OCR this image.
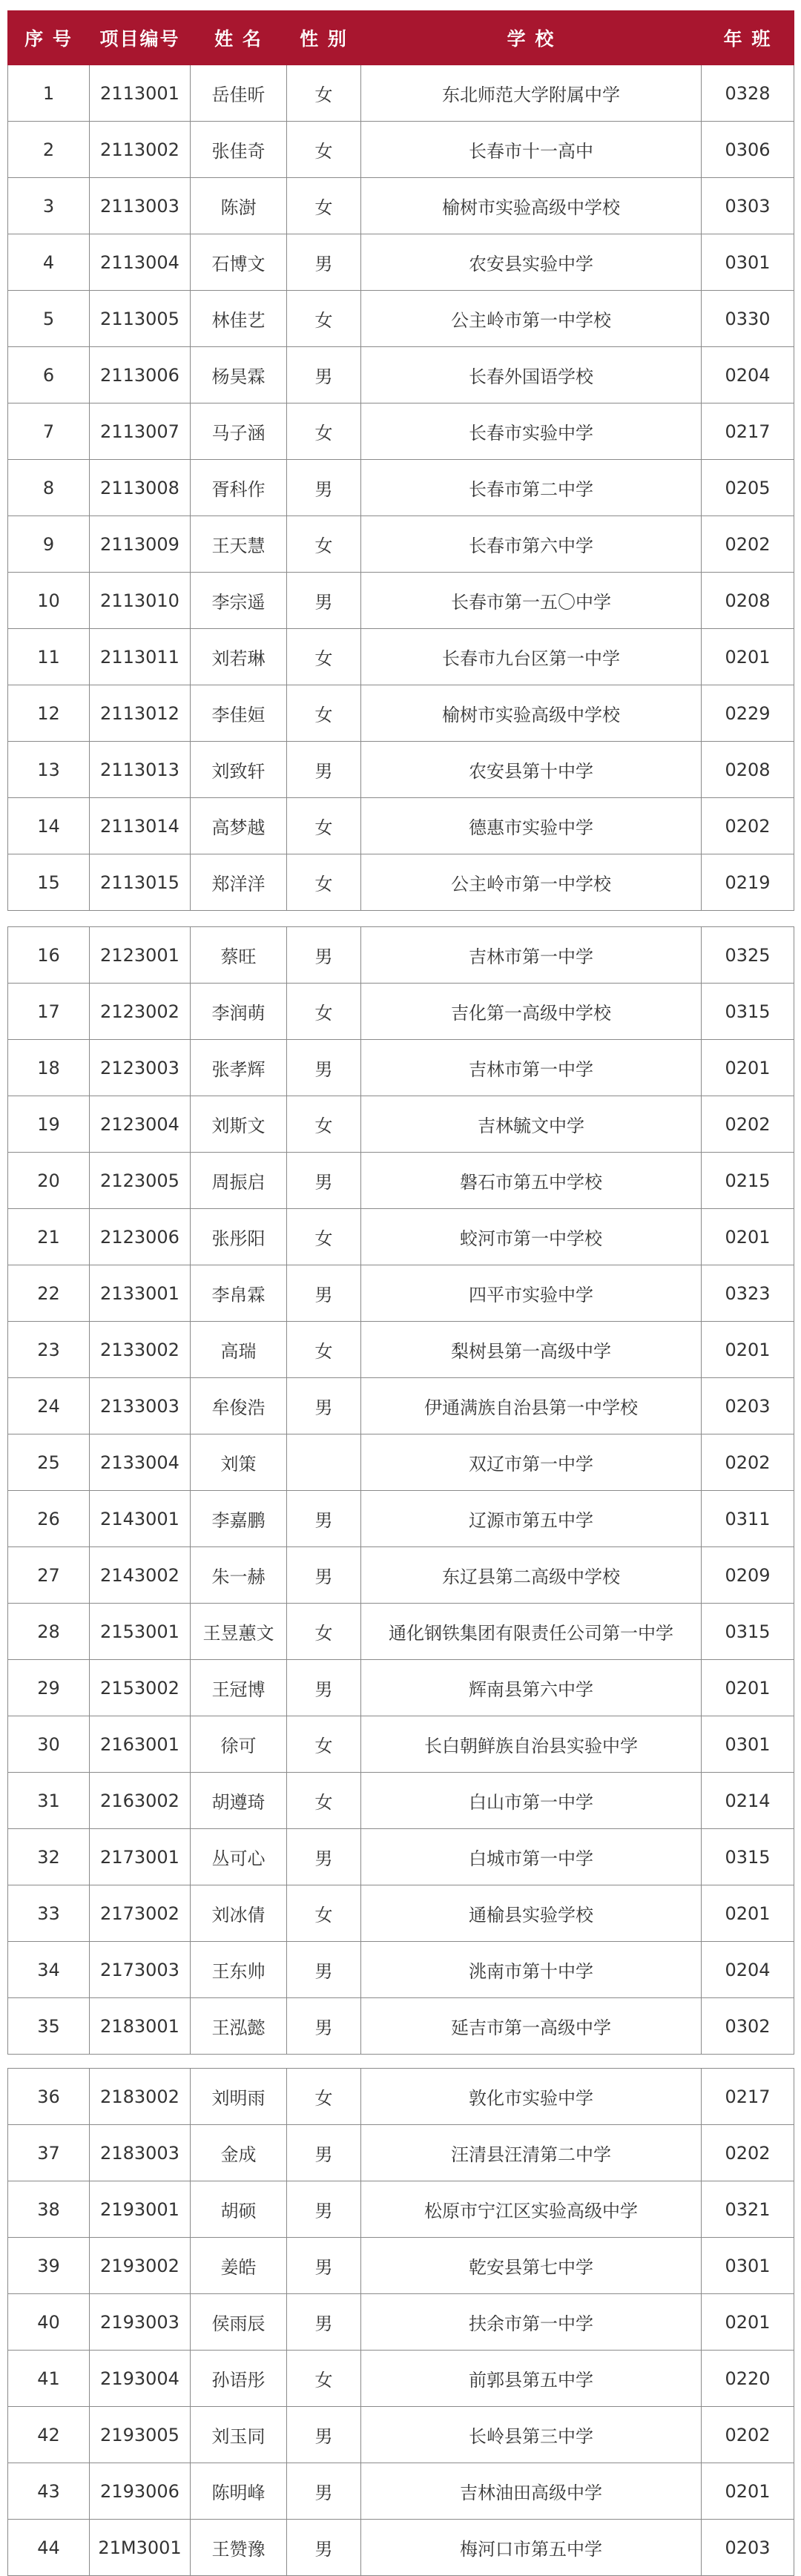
序 号	项目编号	姓 名	性 别	学 校	年 班
1	2113001	岳佳昕	女	东北师范大学附属中学	0328
2	2113002	张佳奇	女	长春市十一高中	0306
3	2113003	陈澍	女	榆树市实验高级中学校	0303
4	2113004	石博文	男	农安县实验中学	0301
5	2113005	林佳艺	女	公主岭市第一中学校	0330
6	2113006	杨昊霖	男	长春外国语学校	0204
7	2113007	马子涵	女	长春市实验中学	0217
8	2113008	胥科作	男	长春市第二中学	0205
9	2113009	王天慧	女	长春市第六中学	0202
10	2113010	李宗遥	男	长春市第一五〇中学	0208
11	2113011	刘若琳	女	长春市九台区第一中学	0201
12	2113012	李佳姮	女	榆树市实验高级中学校	0229
13	2113013	刘致轩	男	农安县第十中学	0208
14	2113014	高梦越	女	德惠市实验中学	0202
15	2113015	郑洋洋	女	公主岭市第一中学校	0219
16	2123001	蔡旺	男	吉林市第一中学	0325
17	2123002	李润萌	女	吉化第一高级中学校	0315
18	2123003	张孝辉	男	吉林市第一中学	0201
19	2123004	刘斯文	女	吉林毓文中学	0202
20	2123005	周振启	男	磐石市第五中学校	0215
21	2123006	张彤阳	女	蛟河市第一中学校	0201
22	2133001	李帛霖	男	四平市实验中学	0323
23	2133002	高瑞	女	梨树县第一高级中学	0201
24	2133003	牟俊浩	男	伊通满族自治县第一中学校	0203
25	2133004	刘策		双辽市第一中学	0202
26	2143001	李嘉鹏	男	辽源市第五中学	0311
27	2143002	朱一赫	男	东辽县第二高级中学校	0209
28	2153001	王昱蕙文	女	通化钢铁集团有限责任公司第一中学	0315
29	2153002	王冠博	男	辉南县第六中学	0201
30	2163001	徐可	女	长白朝鲜族自治县实验中学	0301
31	2163002	胡遵琦	女	白山市第一中学	0214
32	2173001	丛可心	男	白城市第一中学	0315
33	2173002	刘冰倩	女	通榆县实验学校	0201
34	2173003	王东帅	男	洮南市第十中学	0204
35	2183001	王泓懿	男	延吉市第一高级中学	0302
36	2183002	刘明雨	女	敦化市实验中学	0217
37	2183003	金成	男	汪清县汪清第二中学	0202
38	2193001	胡硕	男	松原市宁江区实验高级中学	0321
39	2193002	姜皓	男	乾安县第七中学	0301
40	2193003	侯雨辰	男	扶余市第一中学	0201
41	2193004	孙语彤	女	前郭县第五中学	0220
42	2193005	刘玉同	男	长岭县第三中学	0202
43	2193006	陈明峰	男	吉林油田高级中学	0201
44	21M3001	王赞豫	男	梅河口市第五中学	0203
